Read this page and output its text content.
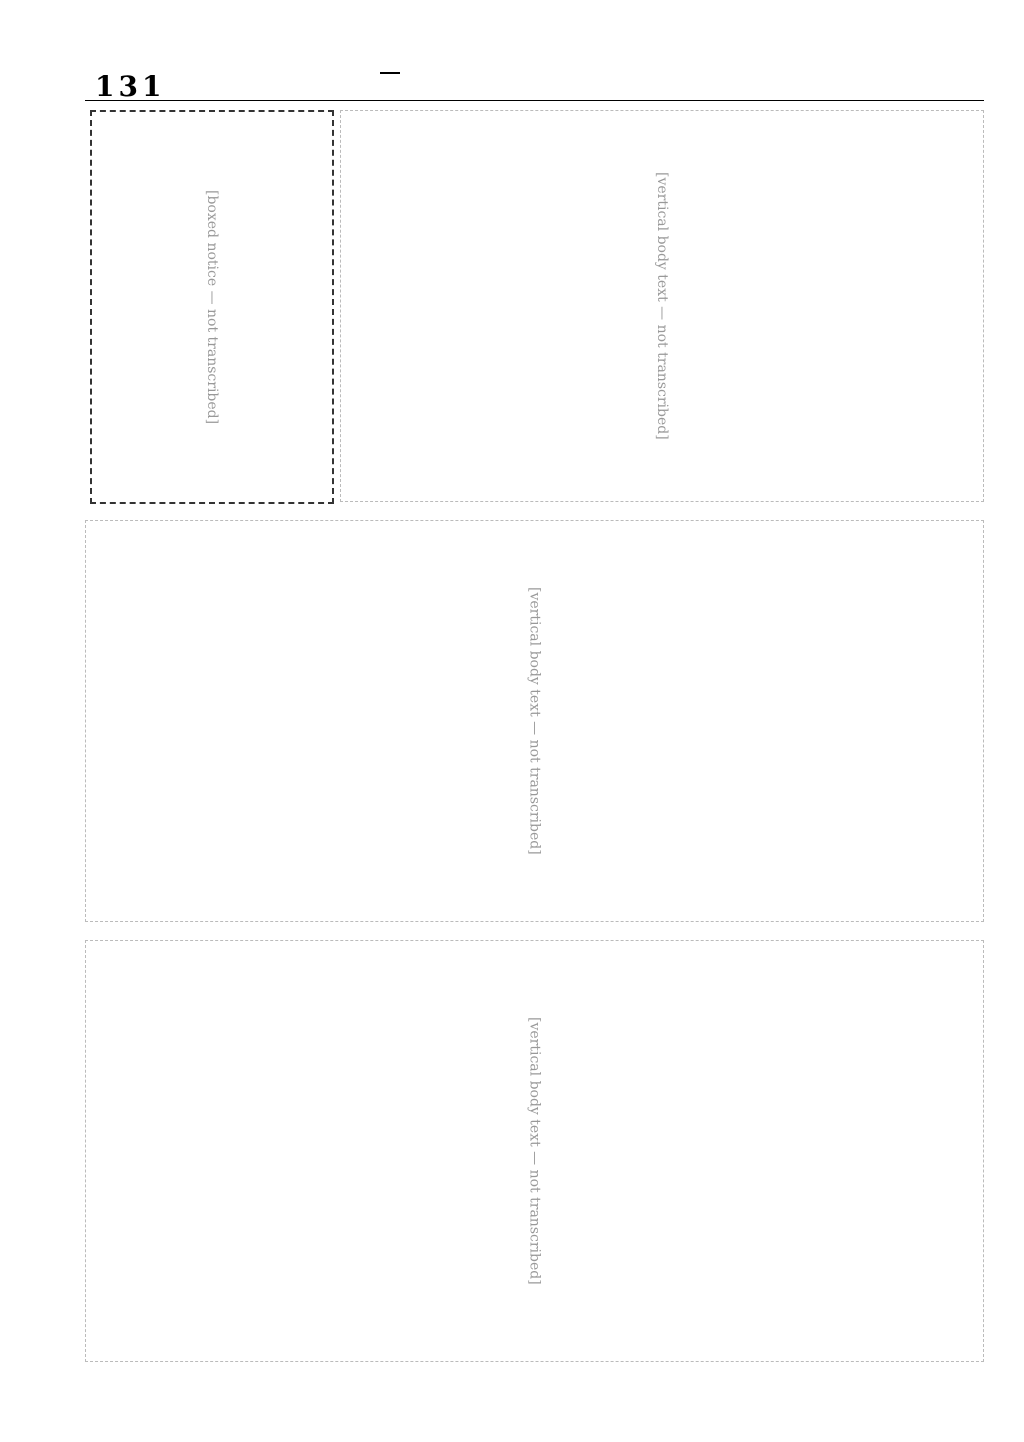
131
[vertical body text — not transcribed]
[boxed notice — not transcribed]
[vertical body text — not transcribed]
[vertical body text — not transcribed]
